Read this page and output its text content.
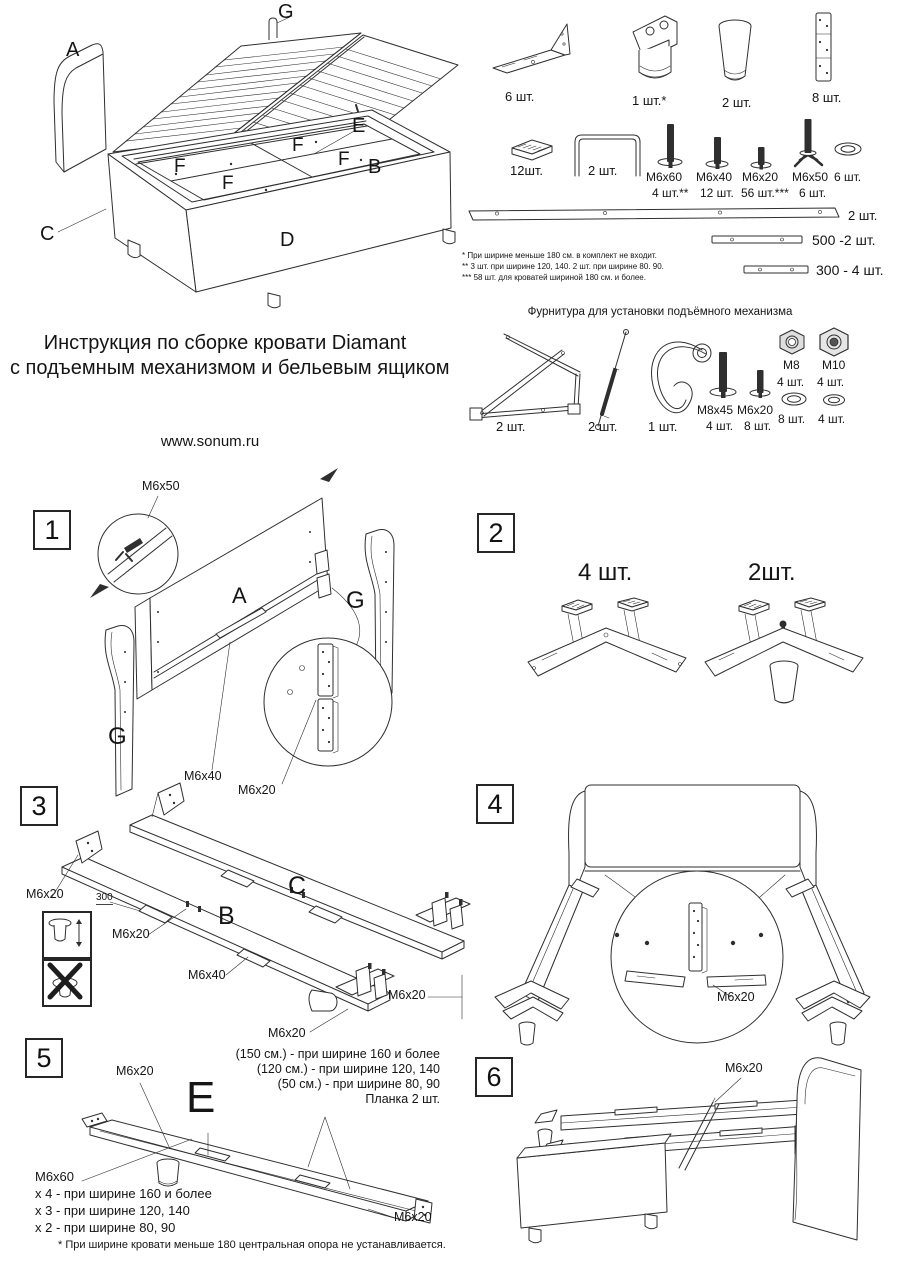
G
A
E
B
F
F
F
F
C	D
6 шт.	1 шт.*	2 шт.	8 шт.
12шт.	2 шт. M6x60
4 шт.**
M6x40
12 шт.
M6x20
56 шт.***
M6x50
6 шт.
6 шт.
2 шт.
500 -2 шт.
300 - 4 шт.
* При ширине меньше 180 см. в комплект не входит.
** 3 шт. при ширине 120, 140. 2 шт. при ширине 80. 90.
*** 58 шт. для кроватей шириной 180 см. и более.
Фурнитура для установки подъёмного механизма
2 шт.	2 шт. 1 шт.
M8x45
4 шт.
M6x20
8 шт.
M8
4 шт.
M10
4 шт.
8 шт. 4 шт.
Инструкция по сборке кровати Diamant
с подъемным механизмом и бельевым ящиком
www.sonum.ru
1
M6x50
A	G
G
M6x40
M6x20
2
4 шт.	2шт.
3
M6x20	300
M6x20
B
C
M6x40
M6x20
M6x20
4
M6x20
5	M6x20
E
(150 см.) - при ширине 160 и более
(120 см.) - при ширине 120, 140
(50 см.) - при ширине 80, 90
Планка 2 шт.
M6x60
х 4 - при ширине 160 и более
х 3 - при ширине 120, 140
х 2 - при ширине 80, 90
M6x20
6	M6x20
* При ширине кровати меньше 180 центральная опора не устанавливается.
